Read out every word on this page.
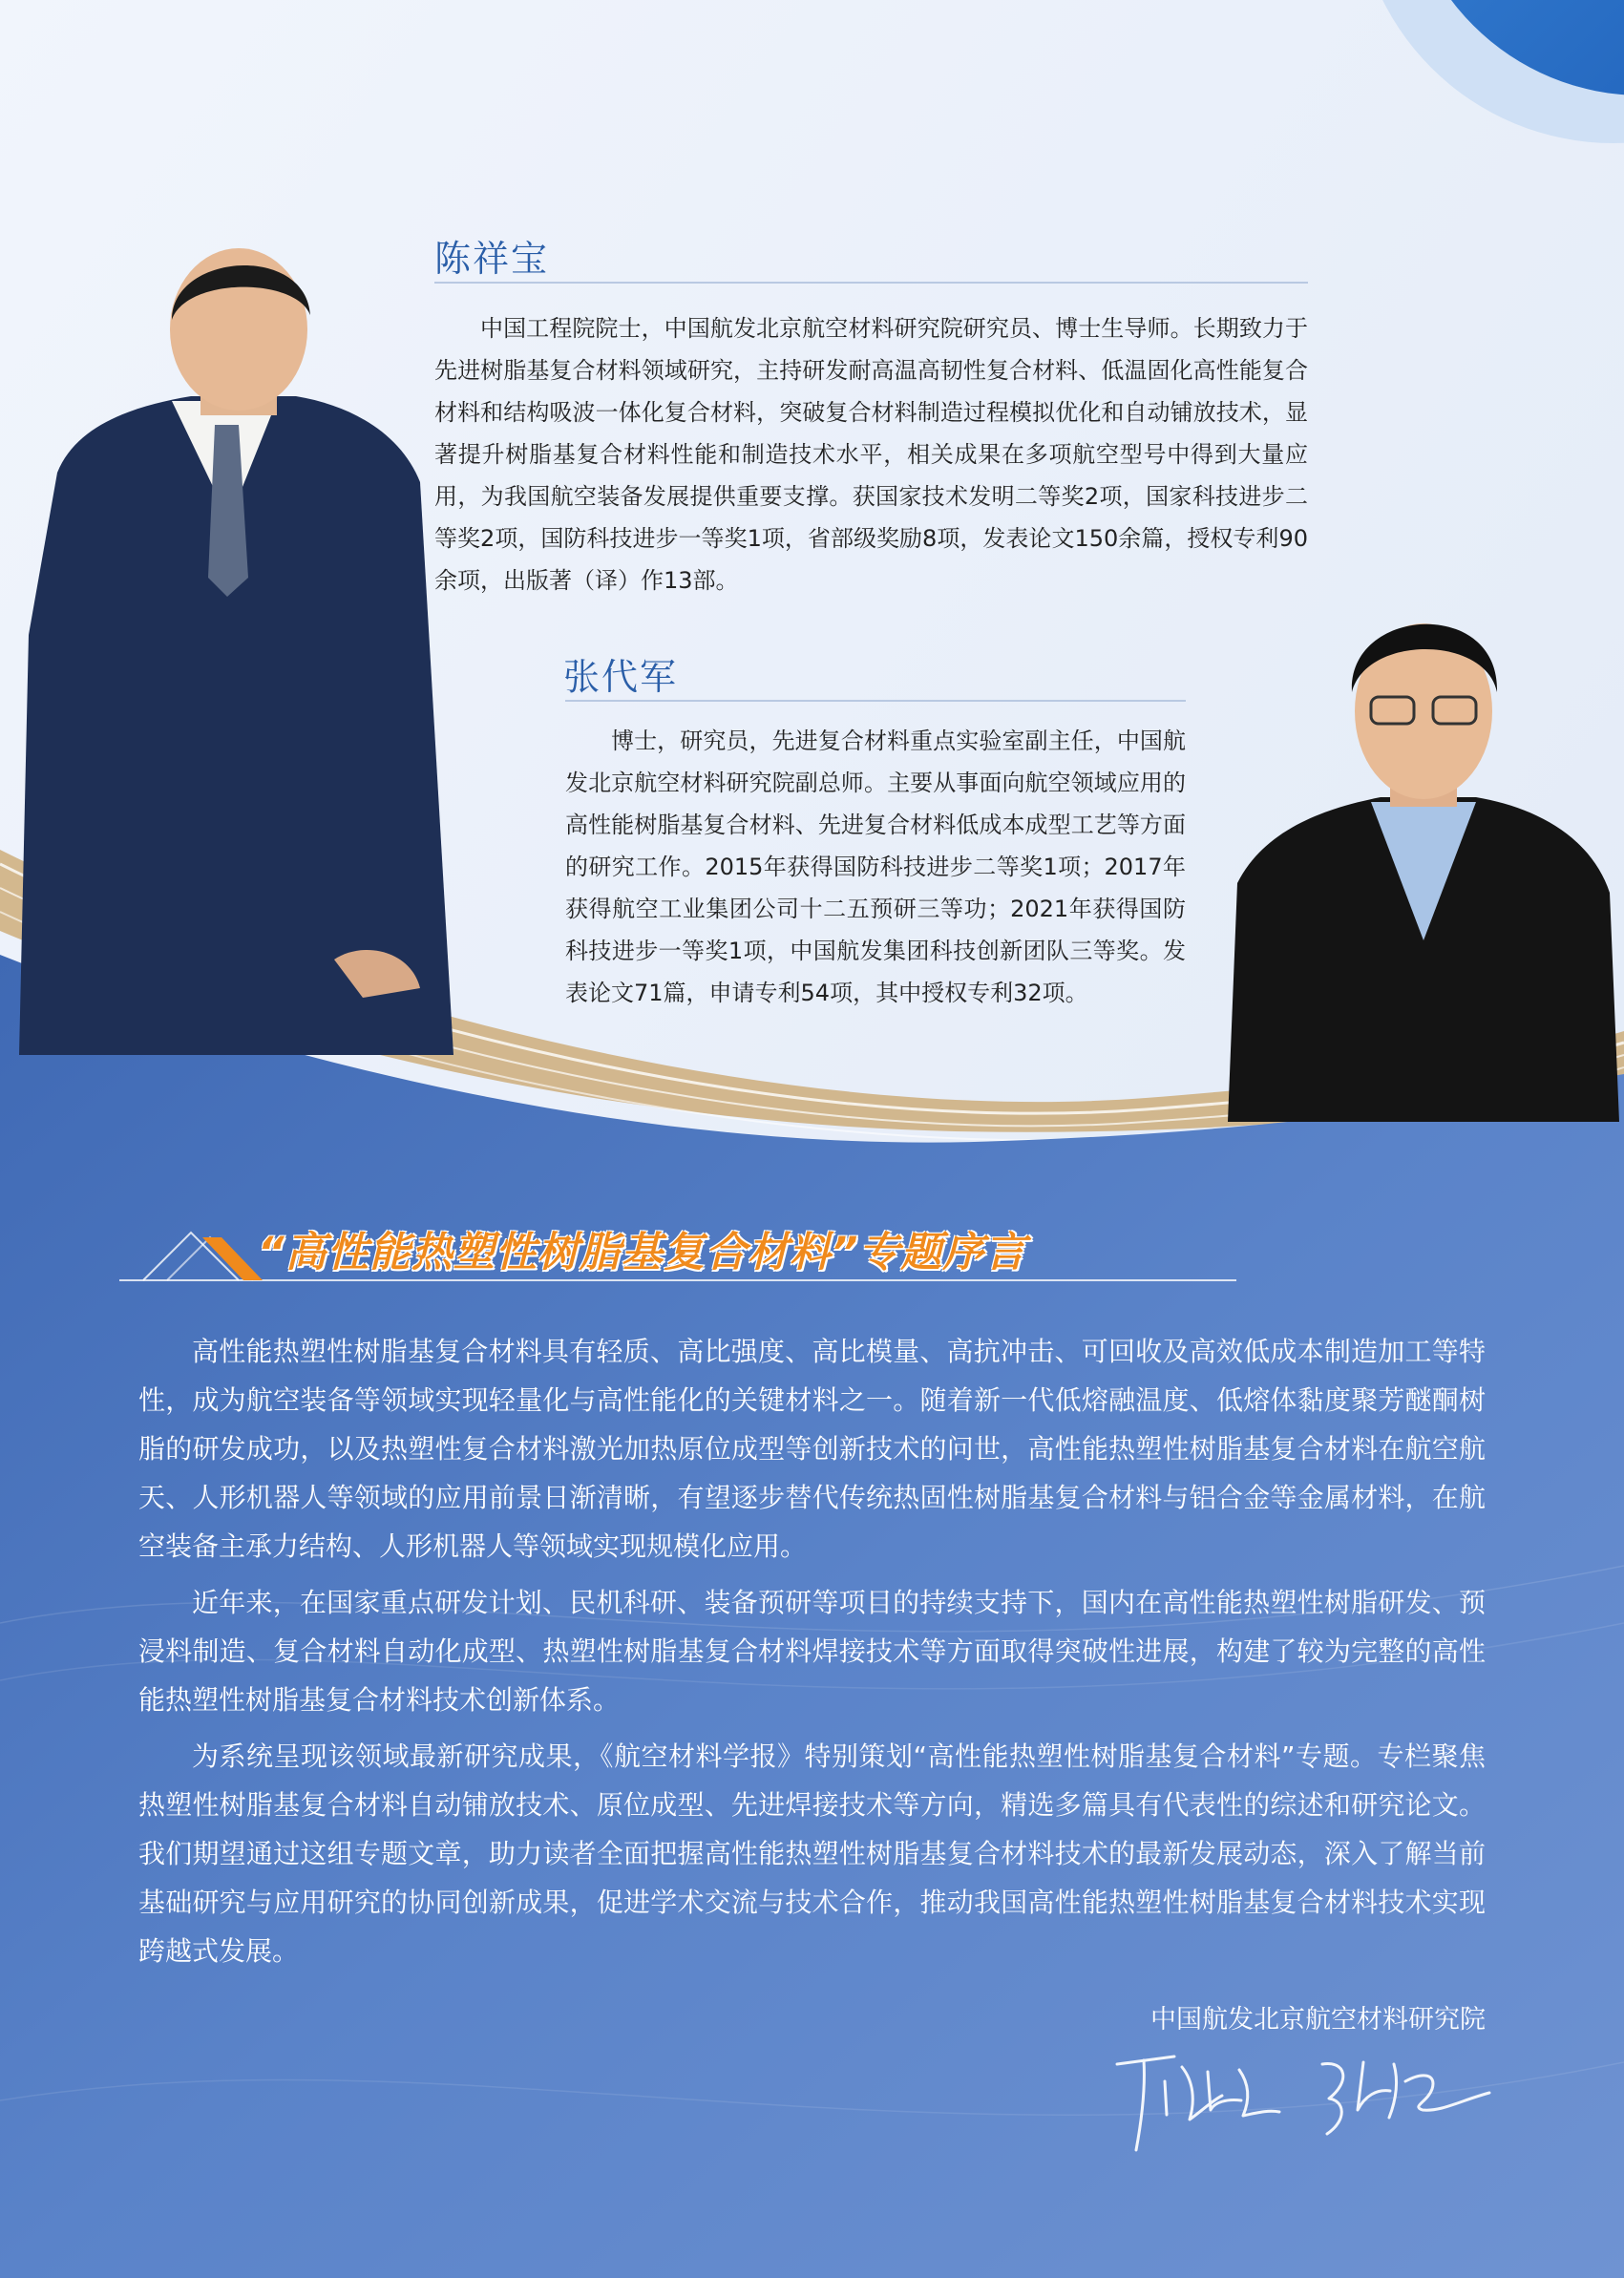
陈祥宝

中国工程院院士，中国航发北京航空材料研究院研究员、博士生导师。长期致力于先进树脂基复合材料领域研究，主持研发耐高温高韧性复合材料、低温固化高性能复合材料和结构吸波一体化复合材料，突破复合材料制造过程模拟优化和自动铺放技术，显著提升树脂基复合材料性能和制造技术水平，相关成果在多项航空型号中得到大量应用，为我国航空装备发展提供重要支撑。获国家技术发明二等奖2项，国家科技进步二等奖2项，国防科技进步一等奖1项，省部级奖励8项，发表论文150余篇，授权专利90余项，出版著（译）作13部。

张代军

博士，研究员，先进复合材料重点实验室副主任，中国航发北京航空材料研究院副总师。主要从事面向航空领域应用的高性能树脂基复合材料、先进复合材料低成本成型工艺等方面的研究工作。2015年获得国防科技进步二等奖1项；2017年获得航空工业集团公司十二五预研三等功；2021年获得国防科技进步一等奖1项，中国航发集团科技创新团队三等奖。发表论文71篇，申请专利54项，其中授权专利32项。

“高性能热塑性树脂基复合材料”专题序言

高性能热塑性树脂基复合材料具有轻质、高比强度、高比模量、高抗冲击、可回收及高效低成本制造加工等特性，成为航空装备等领域实现轻量化与高性能化的关键材料之一。随着新一代低熔融温度、低熔体黏度聚芳醚酮树脂的研发成功，以及热塑性复合材料激光加热原位成型等创新技术的问世，高性能热塑性树脂基复合材料在航空航天、人形机器人等领域的应用前景日渐清晰，有望逐步替代传统热固性树脂基复合材料与铝合金等金属材料，在航空装备主承力结构、人形机器人等领域实现规模化应用。

近年来，在国家重点研发计划、民机科研、装备预研等项目的持续支持下，国内在高性能热塑性树脂研发、预浸料制造、复合材料自动化成型、热塑性树脂基复合材料焊接技术等方面取得突破性进展，构建了较为完整的高性能热塑性树脂基复合材料技术创新体系。

为系统呈现该领域最新研究成果，《航空材料学报》特别策划“高性能热塑性树脂基复合材料”专题。专栏聚焦热塑性树脂基复合材料自动铺放技术、原位成型、先进焊接技术等方向，精选多篇具有代表性的综述和研究论文。我们期望通过这组专题文章，助力读者全面把握高性能热塑性树脂基复合材料技术的最新发展动态，深入了解当前基础研究与应用研究的协同创新成果，促进学术交流与技术合作，推动我国高性能热塑性树脂基复合材料技术实现跨越式发展。

中国航发北京航空材料研究院
